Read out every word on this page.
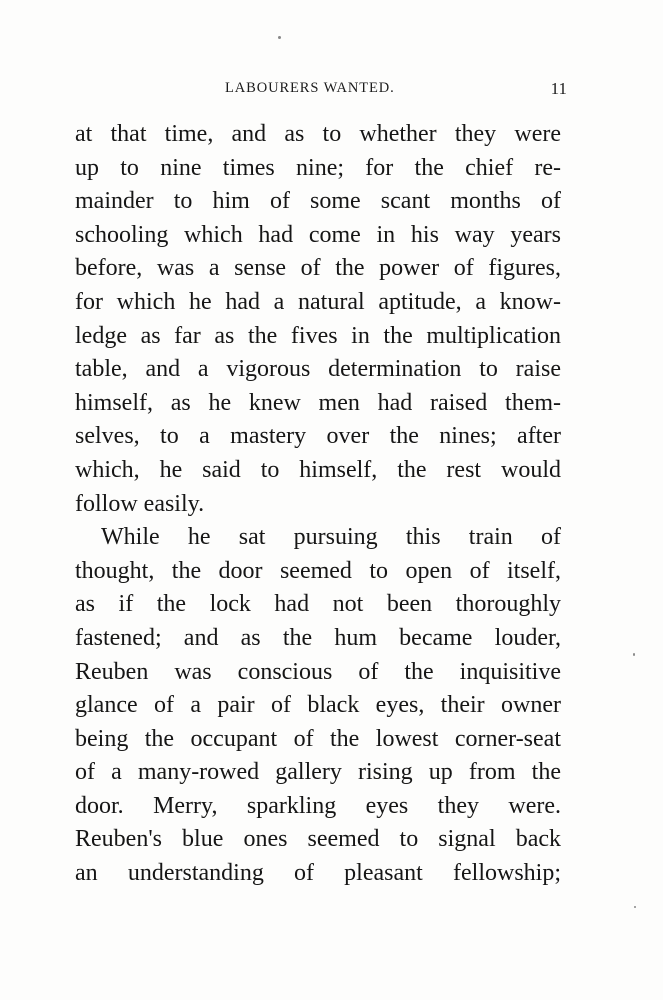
LABOURERS WANTED.	11
at that time, and as to whether they were
up to nine times nine; for the chief re-
mainder to him of some scant months of
schooling which had come in his way years
before, was a sense of the power of figures,
for which he had a natural aptitude, a know-
ledge as far as the fives in the multiplication
table, and a vigorous determination to raise
himself, as he knew men had raised them-
selves, to a mastery over the nines; after
which, he said to himself, the rest would
follow easily.
While he sat pursuing this train of
thought, the door seemed to open of itself,
as if the lock had not been thoroughly
fastened; and as the hum became louder,
Reuben was conscious of the inquisitive
glance of a pair of black eyes, their owner
being the occupant of the lowest corner-seat
of a many-rowed gallery rising up from the
door. Merry, sparkling eyes they were.
Reuben's blue ones seemed to signal back
an understanding of pleasant fellowship;
